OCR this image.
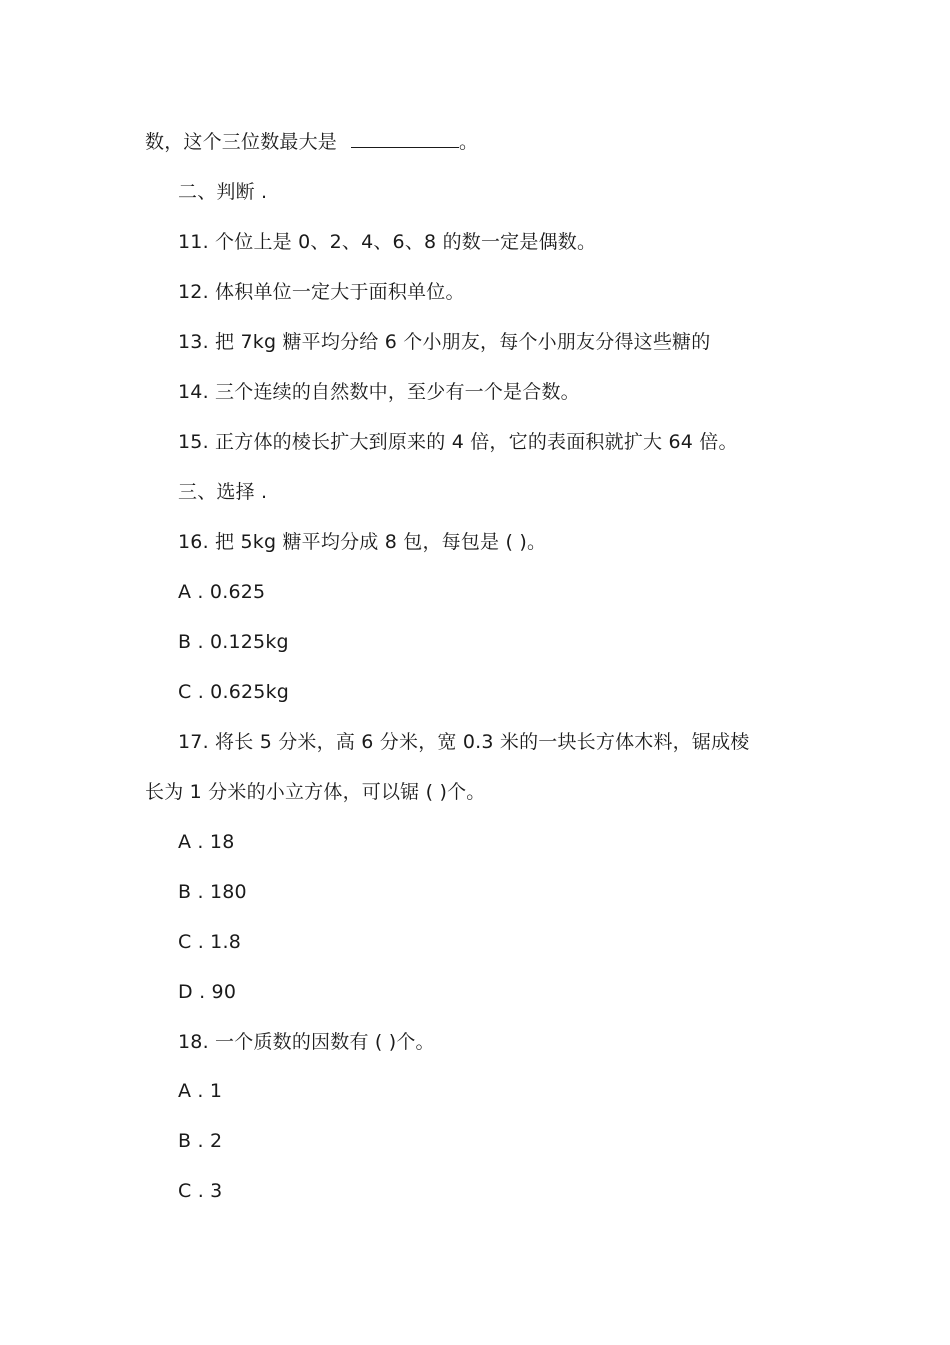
数，这个三位数最大是	。
二、判断 .
11. 个位上是 0、2、4、6、8 的数一定是偶数。
12. 体积单位一定大于面积单位。
13. 把 7kg 糖平均分给 6 个小朋友，每个小朋友分得这些糖的
14. 三个连续的自然数中，至少有一个是合数。
15. 正方体的棱长扩大到原来的 4 倍，它的表面积就扩大 64 倍。
三、选择 .
16. 把 5kg 糖平均分成 8 包，每包是 ( )。
A . 0.625
B . 0.125kg
C . 0.625kg
17. 将长 5 分米，高 6 分米，宽 0.3 米的一块长方体木料，锯成棱
长为 1 分米的小立方体，可以锯 ( )个。
A . 18
B . 180
C . 1.8
D . 90
18. 一个质数的因数有 ( )个。
A . 1
B . 2
C . 3
